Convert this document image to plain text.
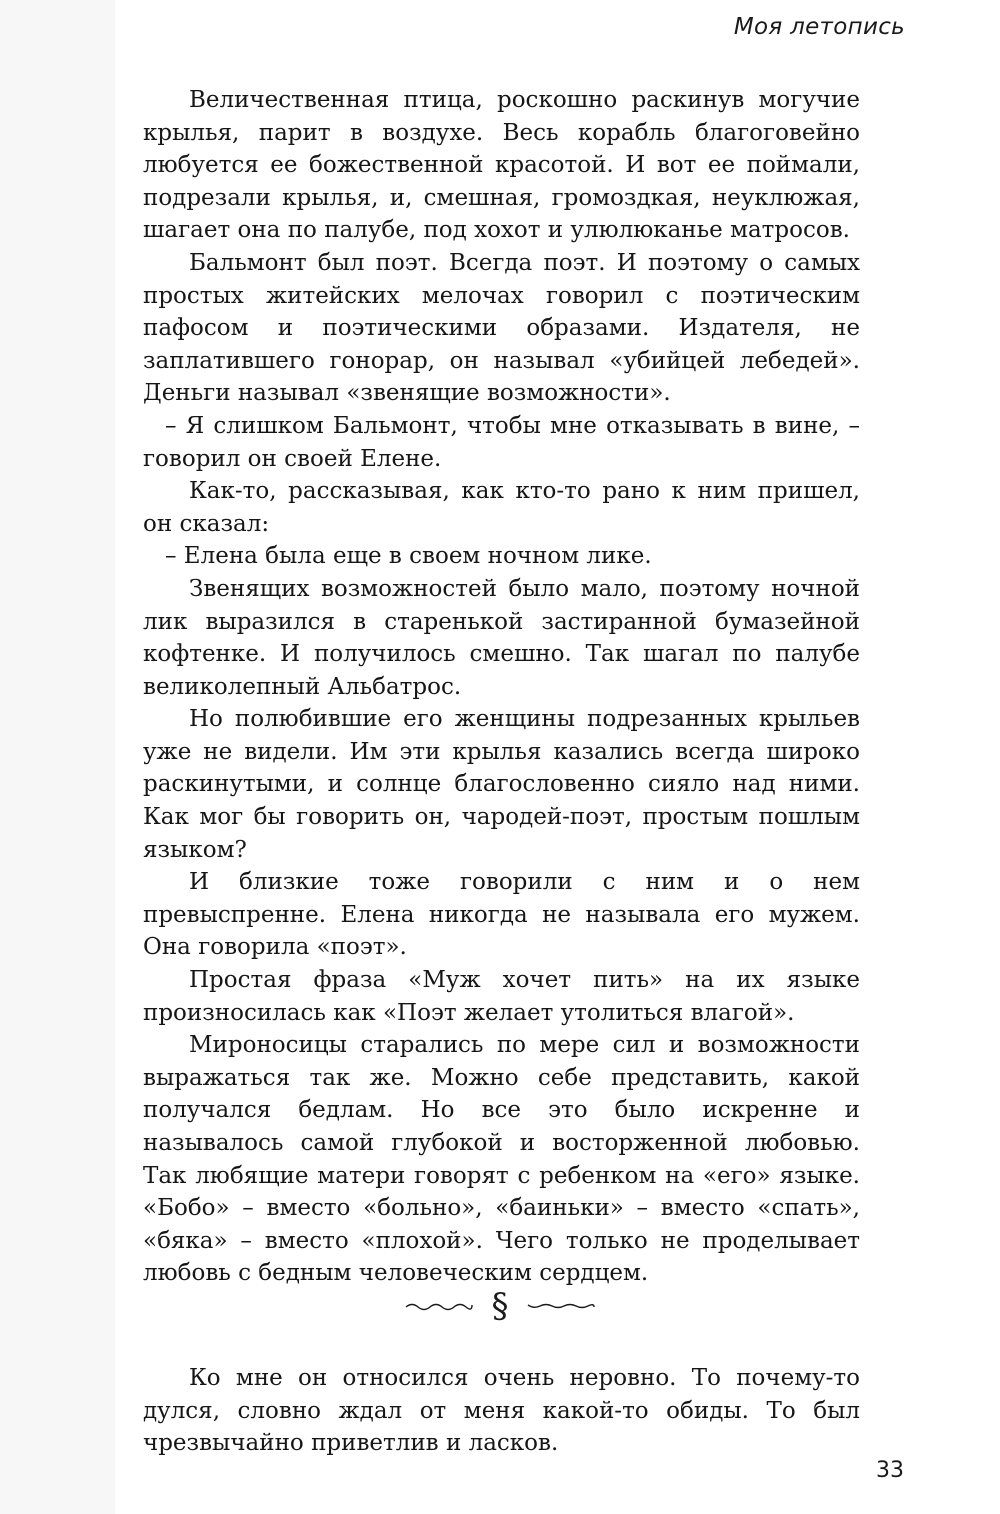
Моя летопись

Величественная птица, роскошно раскинув могучие крылья, парит в воздухе. Весь корабль благоговейно любуется ее божественной красотой. И вот ее поймали, подрезали крылья, и, смешная, громоздкая, неуклюжая, шагает она по палубе, под хохот и улюлюканье матросов.

Бальмонт был поэт. Всегда поэт. И поэтому о самых простых житейских мелочах говорил с поэтическим пафосом и поэтическими образами. Издателя, не заплатившего гонорар, он называл «убийцей лебедей». Деньги называл «звенящие возможности».

– Я слишком Бальмонт, чтобы мне отказывать в вине, – говорил он своей Елене.

Как-то, рассказывая, как кто-то рано к ним пришел, он сказал:

– Елена была еще в своем ночном лике.

Звенящих возможностей было мало, поэтому ночной лик выразился в старенькой застиранной бумазейной кофтенке. И получилось смешно. Так шагал по палубе великолепный Альбатрос.

Но полюбившие его женщины подрезанных крыльев уже не видели. Им эти крылья казались всегда широко раскинутыми, и солнце благословенно сияло над ними. Как мог бы говорить он, чародей-поэт, простым пошлым языком?

И близкие тоже говорили с ним и о нем превыспренне. Елена никогда не называла его мужем. Она говорила «поэт».

Простая фраза «Муж хочет пить» на их языке произносилась как «Поэт желает утолиться влагой».

Мироносицы старались по мере сил и возможности выражаться так же. Можно себе представить, какой получался бедлам. Но все это было искренне и называлось самой глубокой и восторженной любовью. Так любящие матери говорят с ребенком на «его» языке. «Бобо» – вместо «больно», «баиньки» – вместо «спать», «бяка» – вместо «плохой». Чего только не проделывает любовь с бедным человеческим сердцем.

§

Ко мне он относился очень неровно. То почему-то дулся, словно ждал от меня какой-то обиды. То был чрезвычайно приветлив и ласков.

33
